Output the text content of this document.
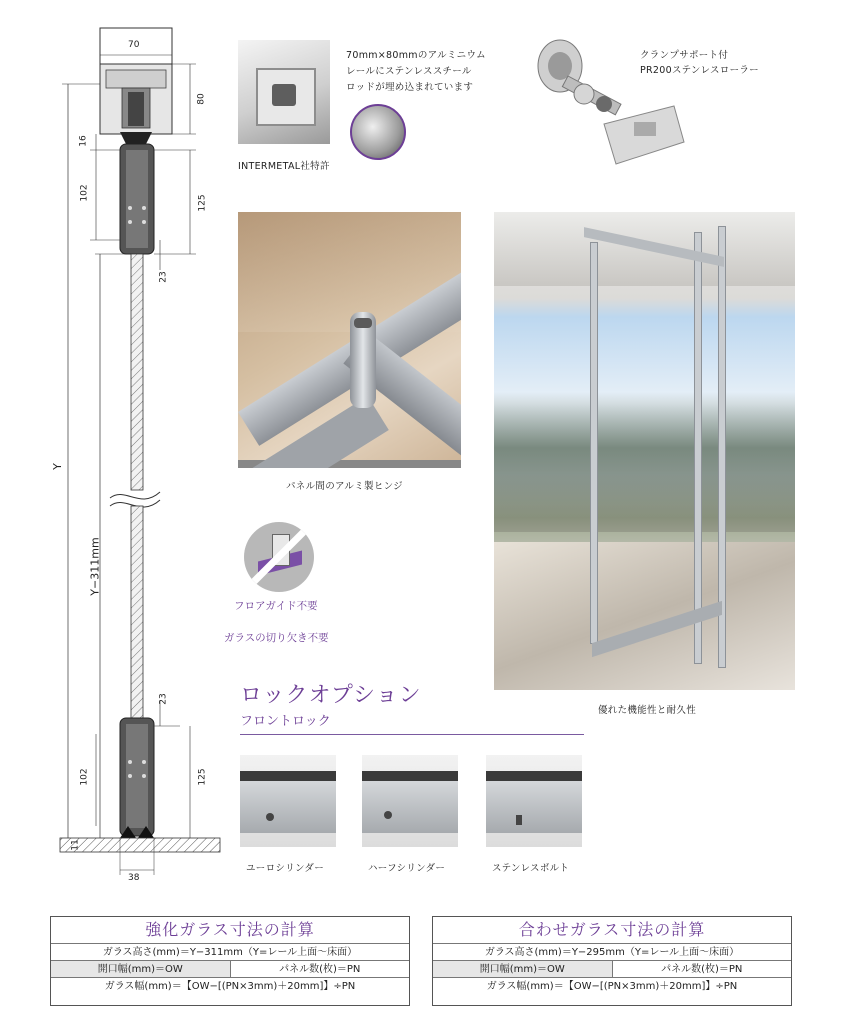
70
80
16
102
125
23
Y
Y−311mm
23
102	125
11
38
70mm×80mmのアルミニウム
レールにステンレススチール
ロッドが埋め込まれています
INTERMETAL社特許
クランプサポート付
PR200ステンレスローラー
パネル間のアルミ製ヒンジ
優れた機能性と耐久性
フロアガイド不要
ガラスの切り欠き不要
ロックオプション
フロントロック
ユーロシリンダー	ハーフシリンダー	ステンレスボルト
強化ガラス寸法の計算
ガラス高さ(mm)＝Y−311mm（Y=レール上面〜床面）
開口幅(mm)＝OW	パネル数(枚)＝PN
ガラス幅(mm)＝【OW−[(PN×3mm)＋20mm]】÷PN
合わせガラス寸法の計算
ガラス高さ(mm)＝Y−295mm（Y=レール上面〜床面）
開口幅(mm)＝OW	パネル数(枚)＝PN
ガラス幅(mm)＝【OW−[(PN×3mm)＋20mm]】÷PN
